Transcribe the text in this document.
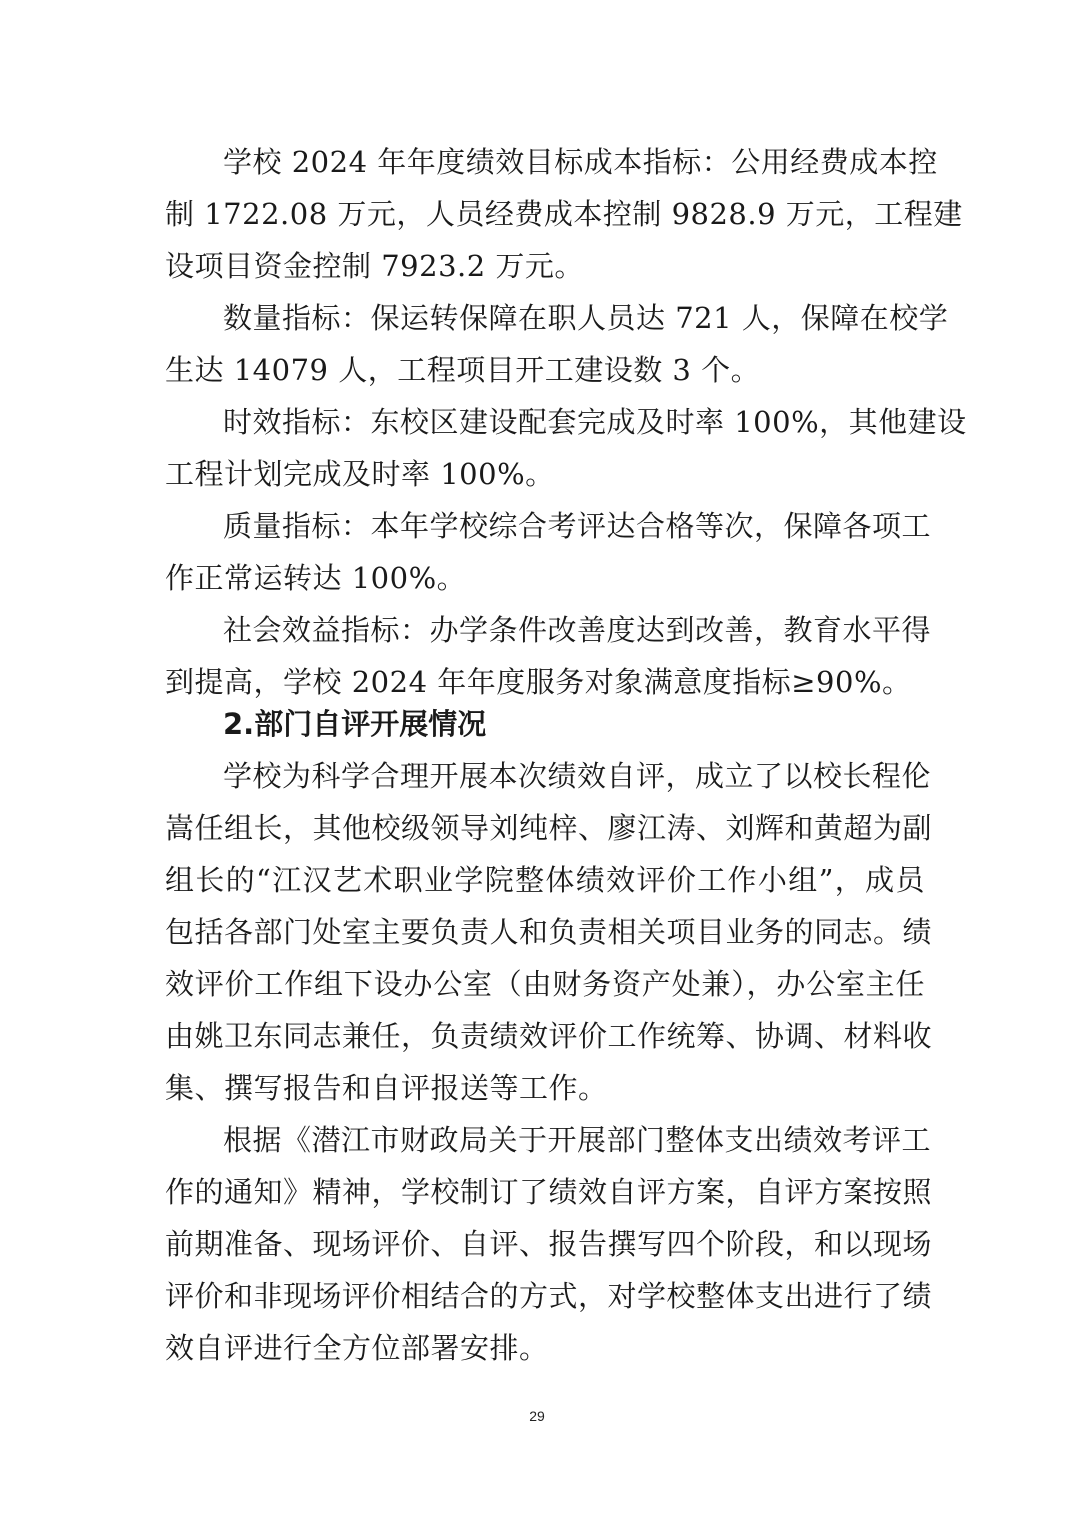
学校 2024 年年度绩效目标成本指标：公用经费成本控
制 1722.08 万元，人员经费成本控制 9828.9 万元，工程建
设项目资金控制 7923.2 万元。

数量指标：保运转保障在职人员达 721 人，保障在校学
生达 14079 人，工程项目开工建设数 3 个。

时效指标：东校区建设配套完成及时率 100%，其他建设
工程计划完成及时率 100%。

质量指标：本年学校综合考评达合格等次，保障各项工
作正常运转达 100%。

社会效益指标：办学条件改善度达到改善，教育水平得
到提高，学校 2024 年年度服务对象满意度指标≥90%。

2.部门自评开展情况

学校为科学合理开展本次绩效自评，成立了以校长程伦
嵩任组长，其他校级领导刘纯梓、廖江涛、刘辉和黄超为副
组长的“江汉艺术职业学院整体绩效评价工作小组”，成员
包括各部门处室主要负责人和负责相关项目业务的同志。绩
效评价工作组下设办公室（由财务资产处兼），办公室主任
由姚卫东同志兼任，负责绩效评价工作统筹、协调、材料收
集、撰写报告和自评报送等工作。

根据《潜江市财政局关于开展部门整体支出绩效考评工
作的通知》精神，学校制订了绩效自评方案，自评方案按照
前期准备、现场评价、自评、报告撰写四个阶段，和以现场
评价和非现场评价相结合的方式，对学校整体支出进行了绩
效自评进行全方位部署安排。

29
